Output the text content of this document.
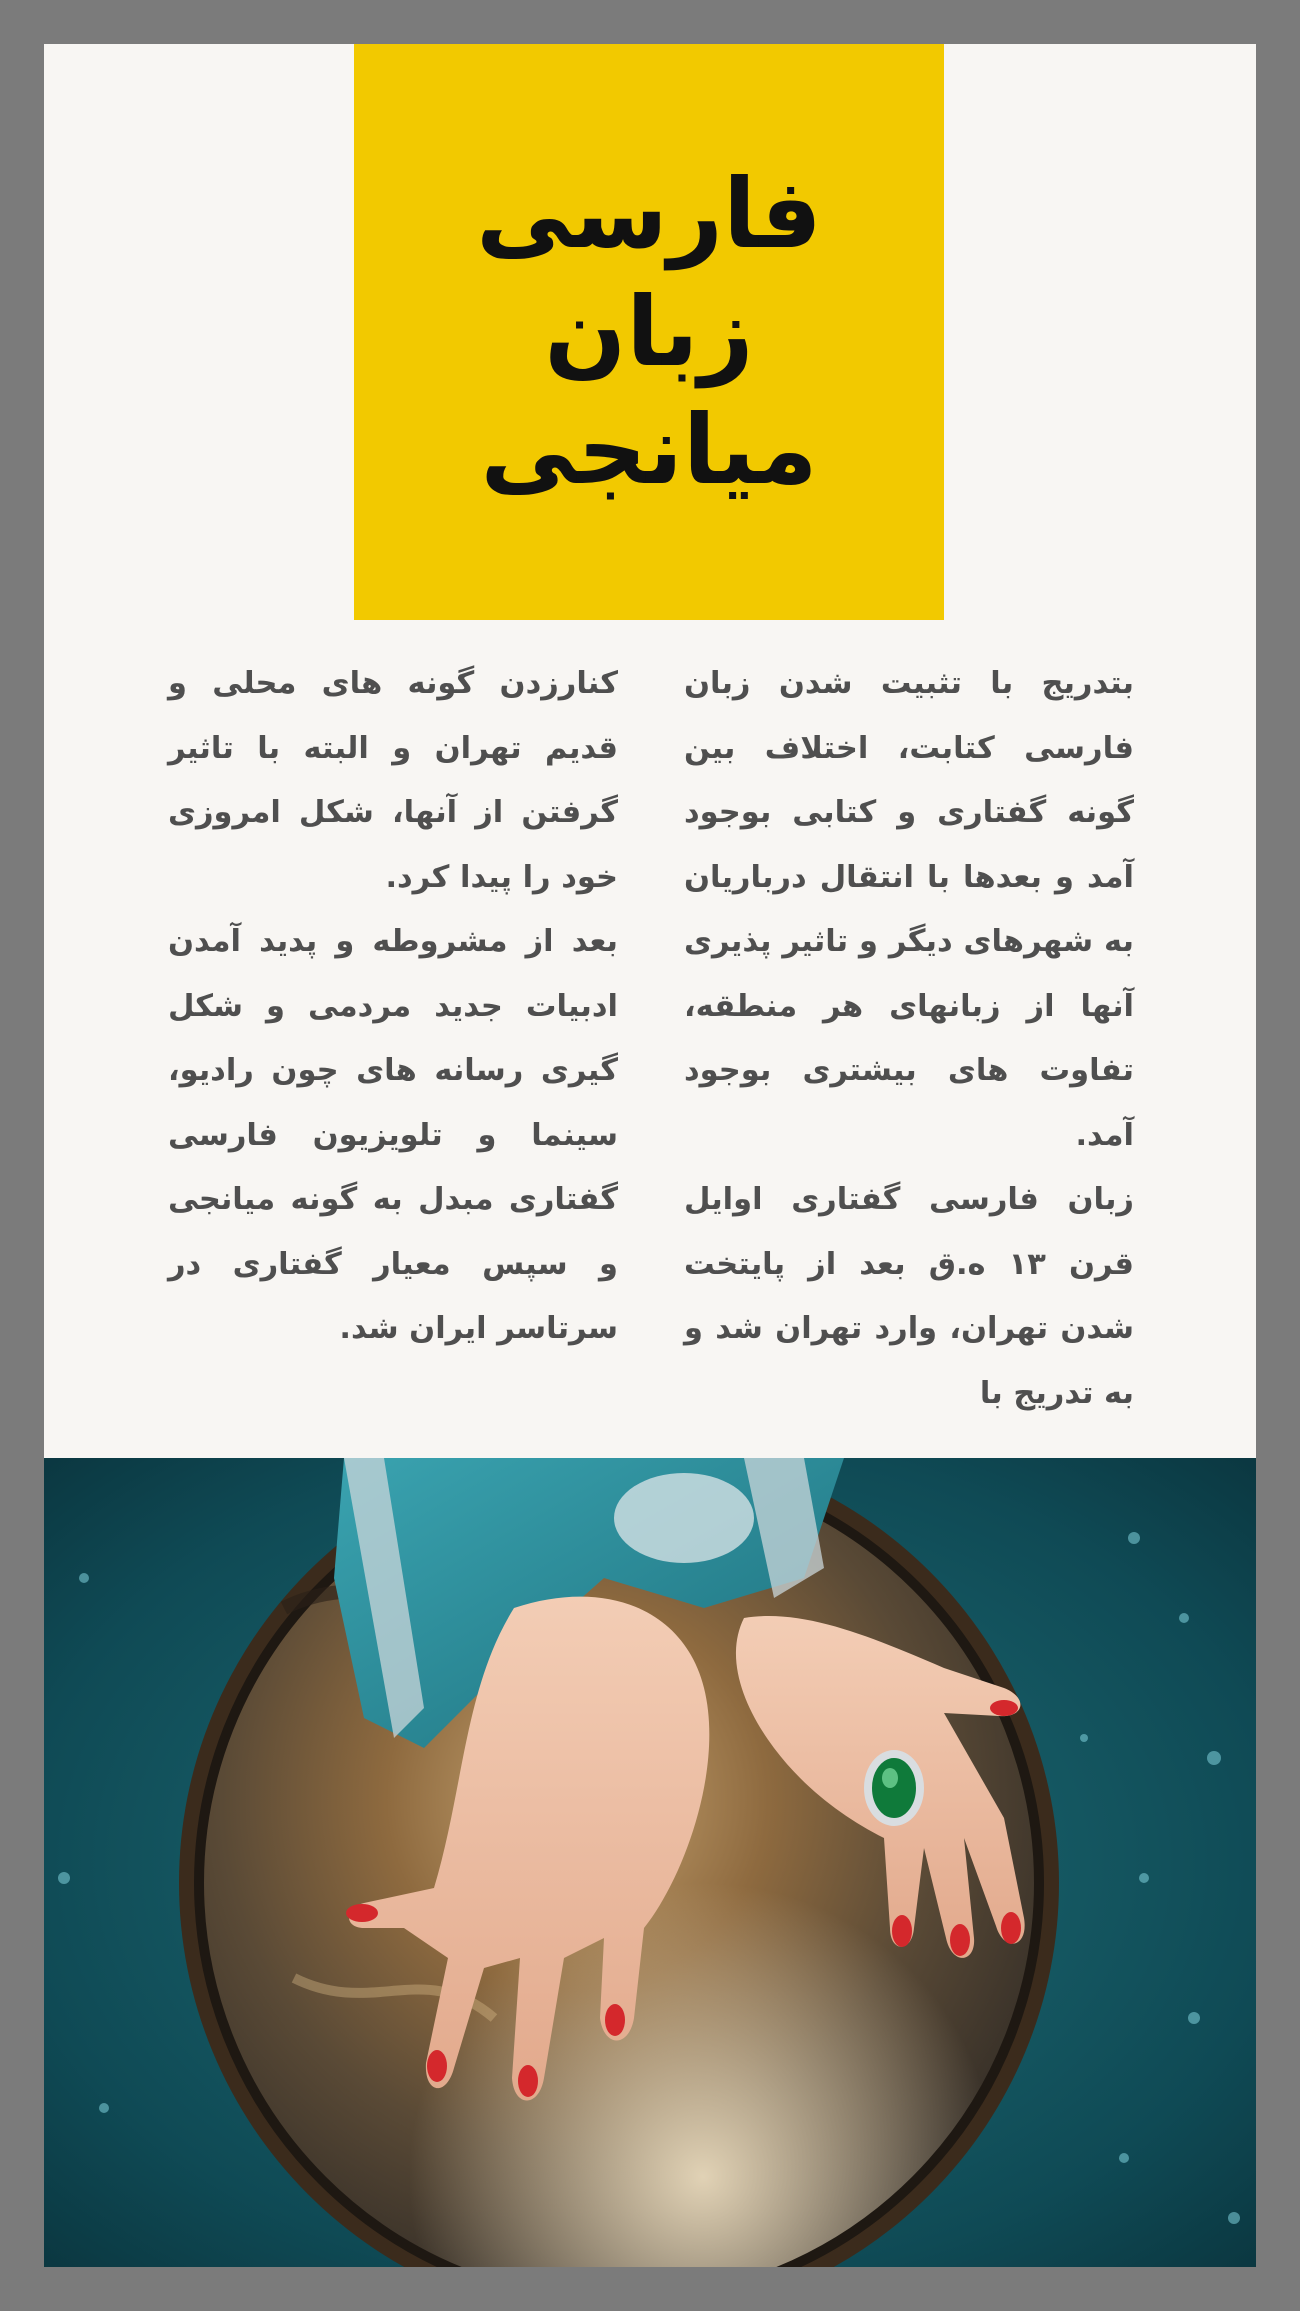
فارسی
زبان
میانجی

بتدریج با تثبیت شدن زبان فارسی کتابت، اختلاف بین گونه گفتاری و کتابی بوجود آمد و بعدها با انتقال درباریان به شهرهای دیگر و تاثیر پذیری آنها از زبانهای هر منطقه، تفاوت های بیشتری بوجود آمد.

زبان فارسی گفتاری اوایل قرن ۱۳ ه.ق بعد از پایتخت شدن تهران، وارد تهران شد و به تدریج با

کنارزدن گونه های محلی و قدیم تهران و البته با تاثیر گرفتن از آنها، شکل امروزی خود را پیدا کرد.

بعد از مشروطه و پدید آمدن ادبیات جدید مردمی و شکل گیری رسانه های چون رادیو، سینما و تلویزیون فارسی گفتاری مبدل به گونه میانجی و سپس معیار گفتاری در سرتاسر ایران شد.
